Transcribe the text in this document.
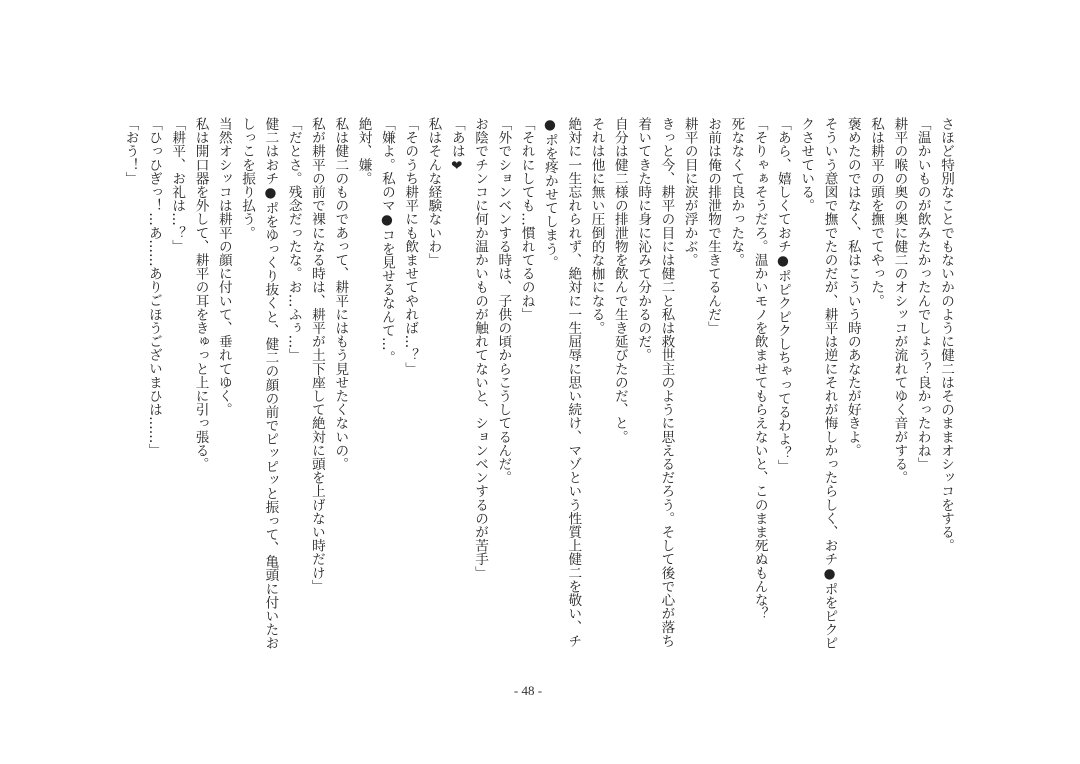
さほど特別なことでもないかのように健二はそのままオシッコをする。
「温かいものが飲みたかったんでしょう？良かったわね」
耕平の喉の奥の奥に健二のオシッコが流れてゆく音がする。
私は耕平の頭を撫でてやった。
褒めたのではなく、私はこういう時のあなたが好きよ。
そういう意図で撫でたのだが、耕平は逆にそれが悔しかったらしく、おチ●ポをピクピ
クさせている。
「あら、嬉しくておチ●ポピクピクしちゃってるわよ？」
「そりゃぁそうだろ。温かいモノを飲ませてもらえないと、このまま死ぬもんな？
死ななくて良かったな。
お前は俺の排泄物で生きてるんだ」
耕平の目に涙が浮かぶ。
きっと今、耕平の目には健二と私は救世主のように思えるだろう。そして後で心が落ち
着いてきた時に身に沁みて分かるのだ。
自分は健二様の排泄物を飲んで生き延びたのだ、と。
それは他に無い圧倒的な枷になる。
絶対に一生忘れられず、絶対に一生屈辱に思い続け、マゾという性質上健二を敬い、チ
●ポを疼かせてしまう。
「それにしても…慣れてるのね」
「外でションベンする時は、子供の頃からこうしてるんだ。
お陰でチンコに何か温かいものが触れてないと、ションベンするのが苦手」
「あは❤
私はそんな経験ないわ」
「そのうち耕平にも飲ませてやれば…？」
「嫌よ。私のマ●コを見せるなんて…。
絶対、嫌。
私は健二のものであって、耕平にはもう見せたくないの。
私が耕平の前で裸になる時は、耕平が土下座して絶対に頭を上げない時だけ」
「だとさ。残念だったな。お…ふぅ…」
健二はおチ●ポをゆっくり抜くと、健二の顔の前でピッピッと振って、亀頭に付いたお
しっこを振り払う。
当然オシッコは耕平の顔に付いて、垂れてゆく。
私は開口器を外して、耕平の耳をきゅっと上に引っ張る。
「耕平、お礼は…？」
「ひっひぎっ！…あ……ありごほうございまひは……」
「おう！」
- 48 -
